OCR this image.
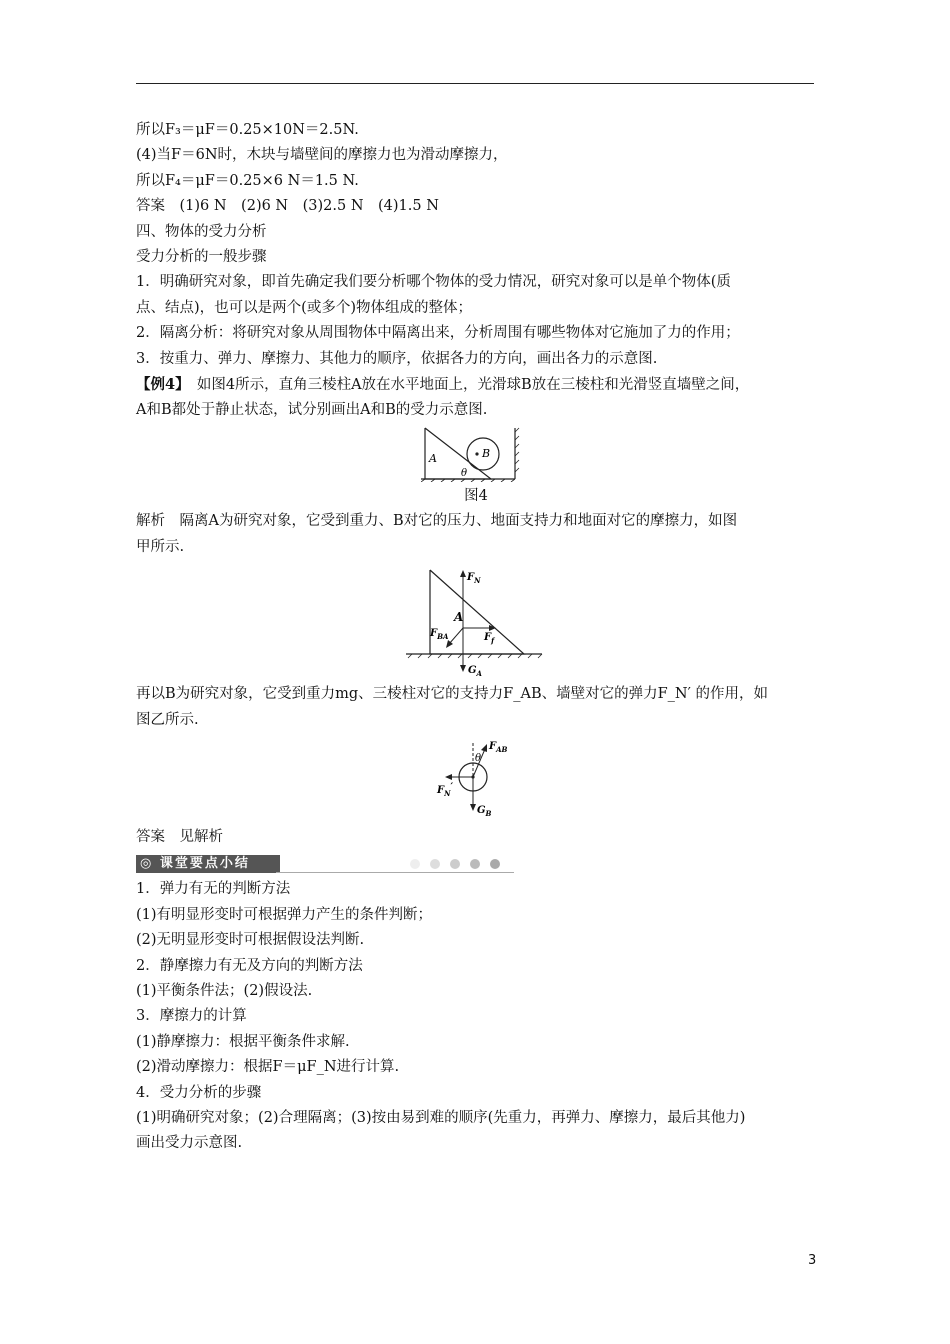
所以F₃＝μF＝0.25×10N＝2.5N.

(4)当F＝6N时，木块与墙壁间的摩擦力也为滑动摩擦力，

所以F₄＝μF＝0.25×6 N＝1.5 N.

答案　(1)6 N　(2)6 N　(3)2.5 N　(4)1.5 N

四、物体的受力分析

受力分析的一般步骤

1．明确研究对象，即首先确定我们要分析哪个物体的受力情况，研究对象可以是单个物体(质

点、结点)，也可以是两个(或多个)物体组成的整体；

2．隔离分析：将研究对象从周围物体中隔离出来，分析周围有哪些物体对它施加了力的作用；

3．按重力、弹力、摩擦力、其他力的顺序，依据各力的方向，画出各力的示意图.

【例4】　如图4所示，直角三棱柱A放在水平地面上，光滑球B放在三棱柱和光滑竖直墙壁之间，

A和B都处于静止状态，试分别画出A和B的受力示意图.

A	B
θ

图4

解析　隔离A为研究对象，它受到重力、B对它的压力、地面支持力和地面对它的摩擦力，如图

甲所示.

$F_N$
A
$F_{BA}$	$F_f$
$G_A$

再以B为研究对象，它受到重力mg、三棱柱对它的支持力F_AB、墙壁对它的弹力F_N′ 的作用，如

图乙所示.

$F_{AB}$
θ
$F_N'$
$G_B$

答案　见解析

◎ 课堂要点小结

1．弹力有无的判断方法

(1)有明显形变时可根据弹力产生的条件判断；

(2)无明显形变时可根据假设法判断.

2．静摩擦力有无及方向的判断方法

(1)平衡条件法；(2)假设法.

3．摩擦力的计算

(1)静摩擦力：根据平衡条件求解.

(2)滑动摩擦力：根据F＝μF_N进行计算.

4．受力分析的步骤

(1)明确研究对象；(2)合理隔离；(3)按由易到难的顺序(先重力，再弹力、摩擦力，最后其他力)

画出受力示意图.

3
